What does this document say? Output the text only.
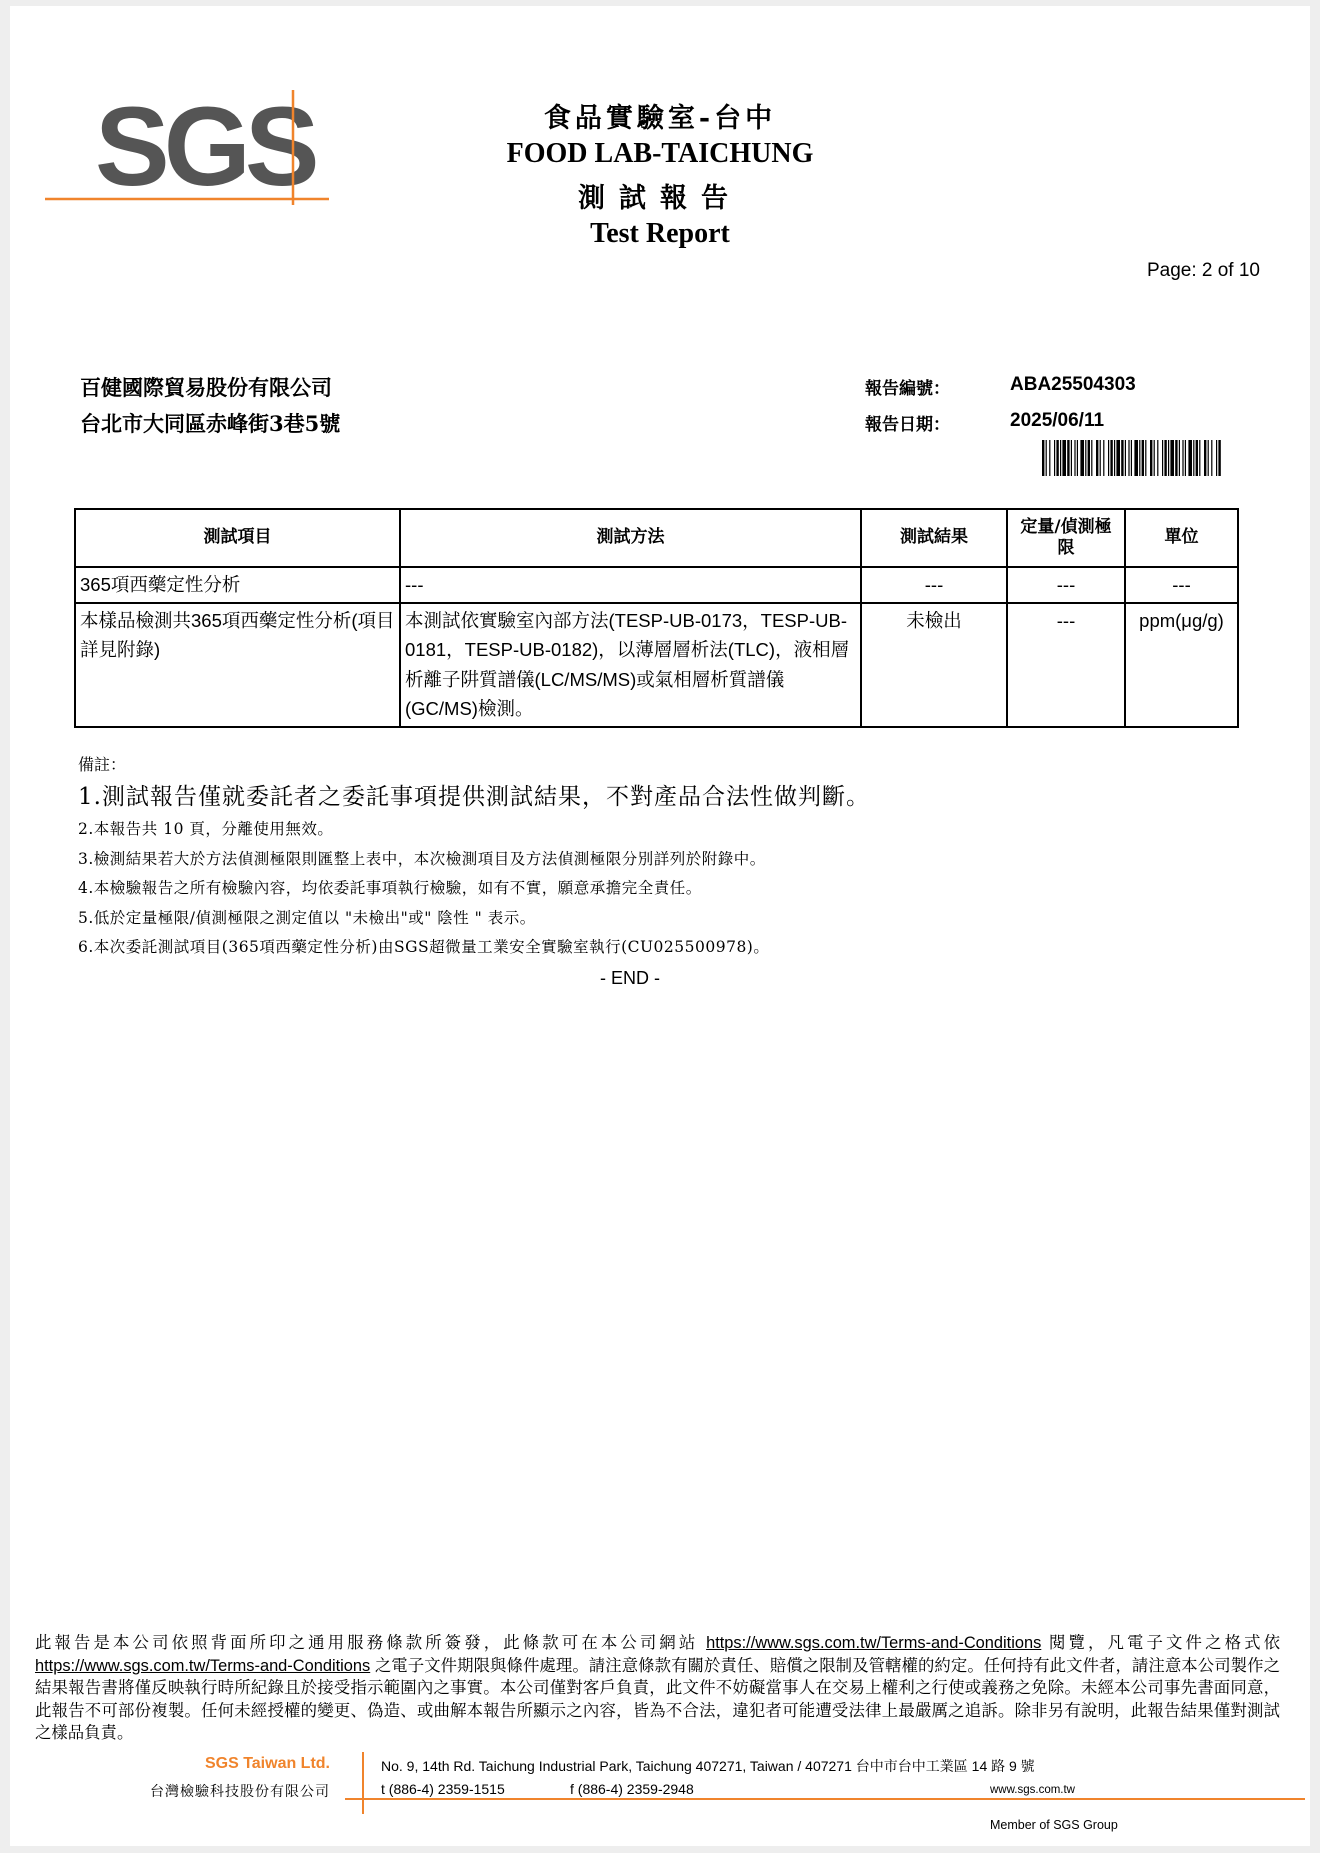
SGS	食品實驗室-台中
FOOD LAB-TAICHUNG
測試報告
Test Report
Page: 2 of 10
百健國際貿易股份有限公司
台北市大同區赤峰街3巷5號
報告編號：	ABA25504303
報告日期：	2025/06/11
測試項目	測試方法	測試結果	定量/偵測極限	單位
365項西藥定性分析	---	---	---	---
本樣品檢測共365項西藥定性分析(項目詳見附錄)	本測試依實驗室內部方法(TESP-UB-0173，TESP-UB-0181，TESP-UB-0182)，以薄層層析法(TLC)，液相層析離子阱質譜儀(LC/MS/MS)或氣相層析質譜儀(GC/MS)檢測。	未檢出	---	ppm(μg/g)
備註：
1.測試報告僅就委託者之委託事項提供測試結果，不對產品合法性做判斷。
2.本報告共 10 頁，分離使用無效。
3.檢測結果若大於方法偵測極限則匯整上表中，本次檢測項目及方法偵測極限分別詳列於附錄中。
4.本檢驗報告之所有檢驗內容，均依委託事項執行檢驗，如有不實，願意承擔完全責任。
5.低於定量極限/偵測極限之測定值以 "未檢出"或" 陰性 " 表示。
6.本次委託測試項目(365項西藥定性分析)由SGS超微量工業安全實驗室執行(CU025500978)。
- END -
此報告是本公司依照背面所印之通用服務條款所簽發，此條款可在本公司網站 https://www.sgs.com.tw/Terms-and-Conditions 閱覽，凡電子文件之格式依 https://www.sgs.com.tw/Terms-and-Conditions 之電子文件期限與條件處理。請注意條款有關於責任、賠償之限制及管轄權的約定。任何持有此文件者，請注意本公司製作之結果報告書將僅反映執行時所紀錄且於接受指示範圍內之事實。本公司僅對客戶負責，此文件不妨礙當事人在交易上權利之行使或義務之免除。未經本公司事先書面同意，此報告不可部份複製。任何未經授權的變更、偽造、或曲解本報告所顯示之內容，皆為不合法，違犯者可能遭受法律上最嚴厲之追訴。除非另有說明，此報告結果僅對測試之樣品負責。
SGS Taiwan Ltd.
台灣檢驗科技股份有限公司
No. 9, 14th Rd. Taichung Industrial Park, Taichung 407271, Taiwan / 407271 台中市台中工業區 14 路 9 號
t (886-4) 2359-1515	f (886-4) 2359-2948	www.sgs.com.tw
Member of SGS Group
